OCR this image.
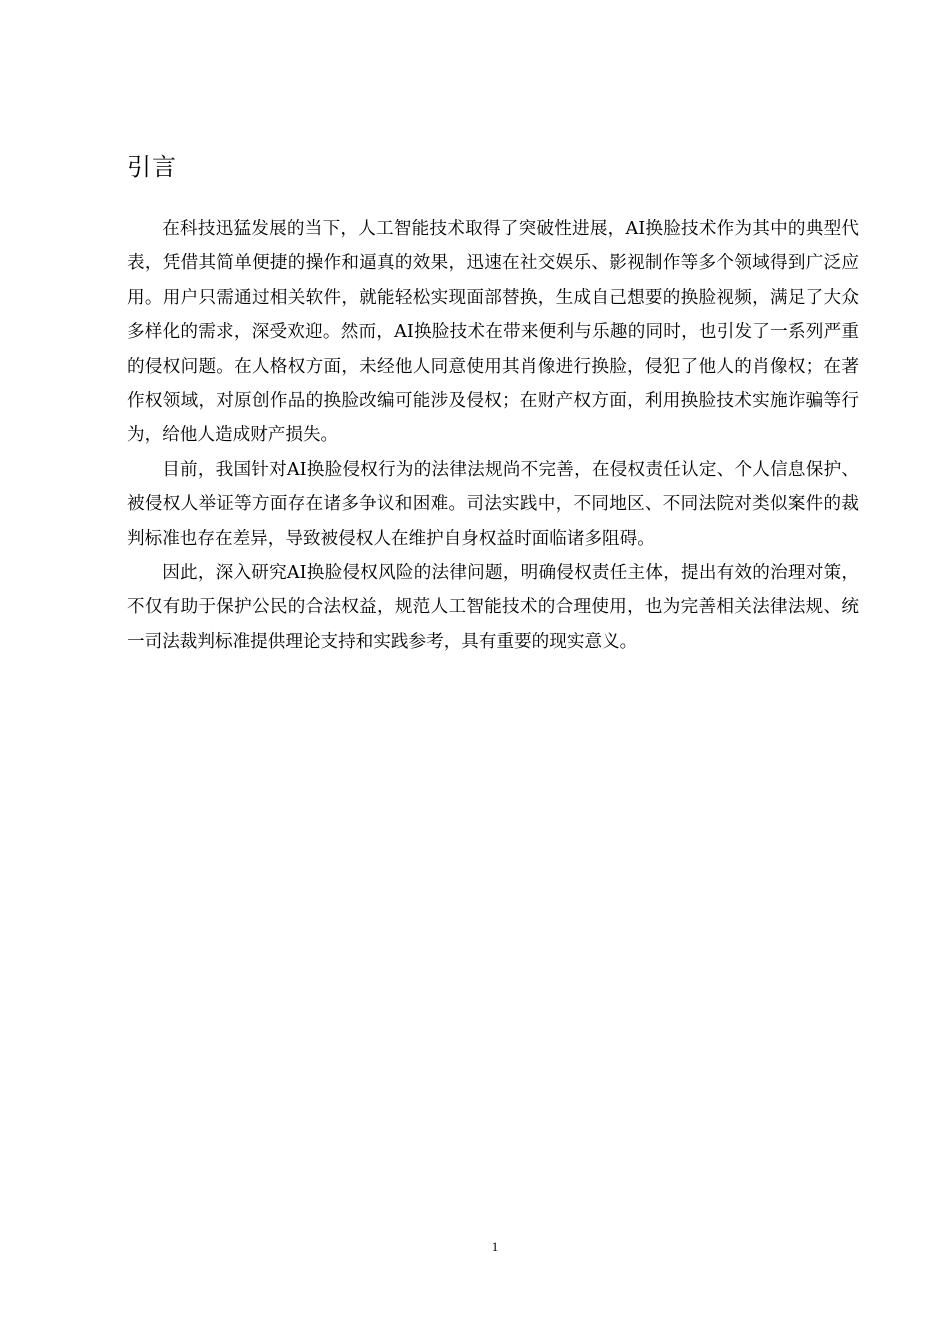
引言

在科技迅猛发展的当下，人工智能技术取得了突破性进展，AI换脸技术作为其中的典型代表，凭借其简单便捷的操作和逼真的效果，迅速在社交娱乐、影视制作等多个领域得到广泛应用。用户只需通过相关软件，就能轻松实现面部替换，生成自己想要的换脸视频，满足了大众多样化的需求，深受欢迎。然而，AI换脸技术在带来便利与乐趣的同时，也引发了一系列严重的侵权问题。在人格权方面，未经他人同意使用其肖像进行换脸，侵犯了他人的肖像权；在著作权领域，对原创作品的换脸改编可能涉及侵权；在财产权方面，利用换脸技术实施诈骗等行为，给他人造成财产损失。

目前，我国针对AI换脸侵权行为的法律法规尚不完善，在侵权责任认定、个人信息保护、被侵权人举证等方面存在诸多争议和困难。司法实践中，不同地区、不同法院对类似案件的裁判标准也存在差异，导致被侵权人在维护自身权益时面临诸多阻碍。

因此，深入研究AI换脸侵权风险的法律问题，明确侵权责任主体，提出有效的治理对策，不仅有助于保护公民的合法权益，规范人工智能技术的合理使用，也为完善相关法律法规、统一司法裁判标准提供理论支持和实践参考，具有重要的现实意义。

1
